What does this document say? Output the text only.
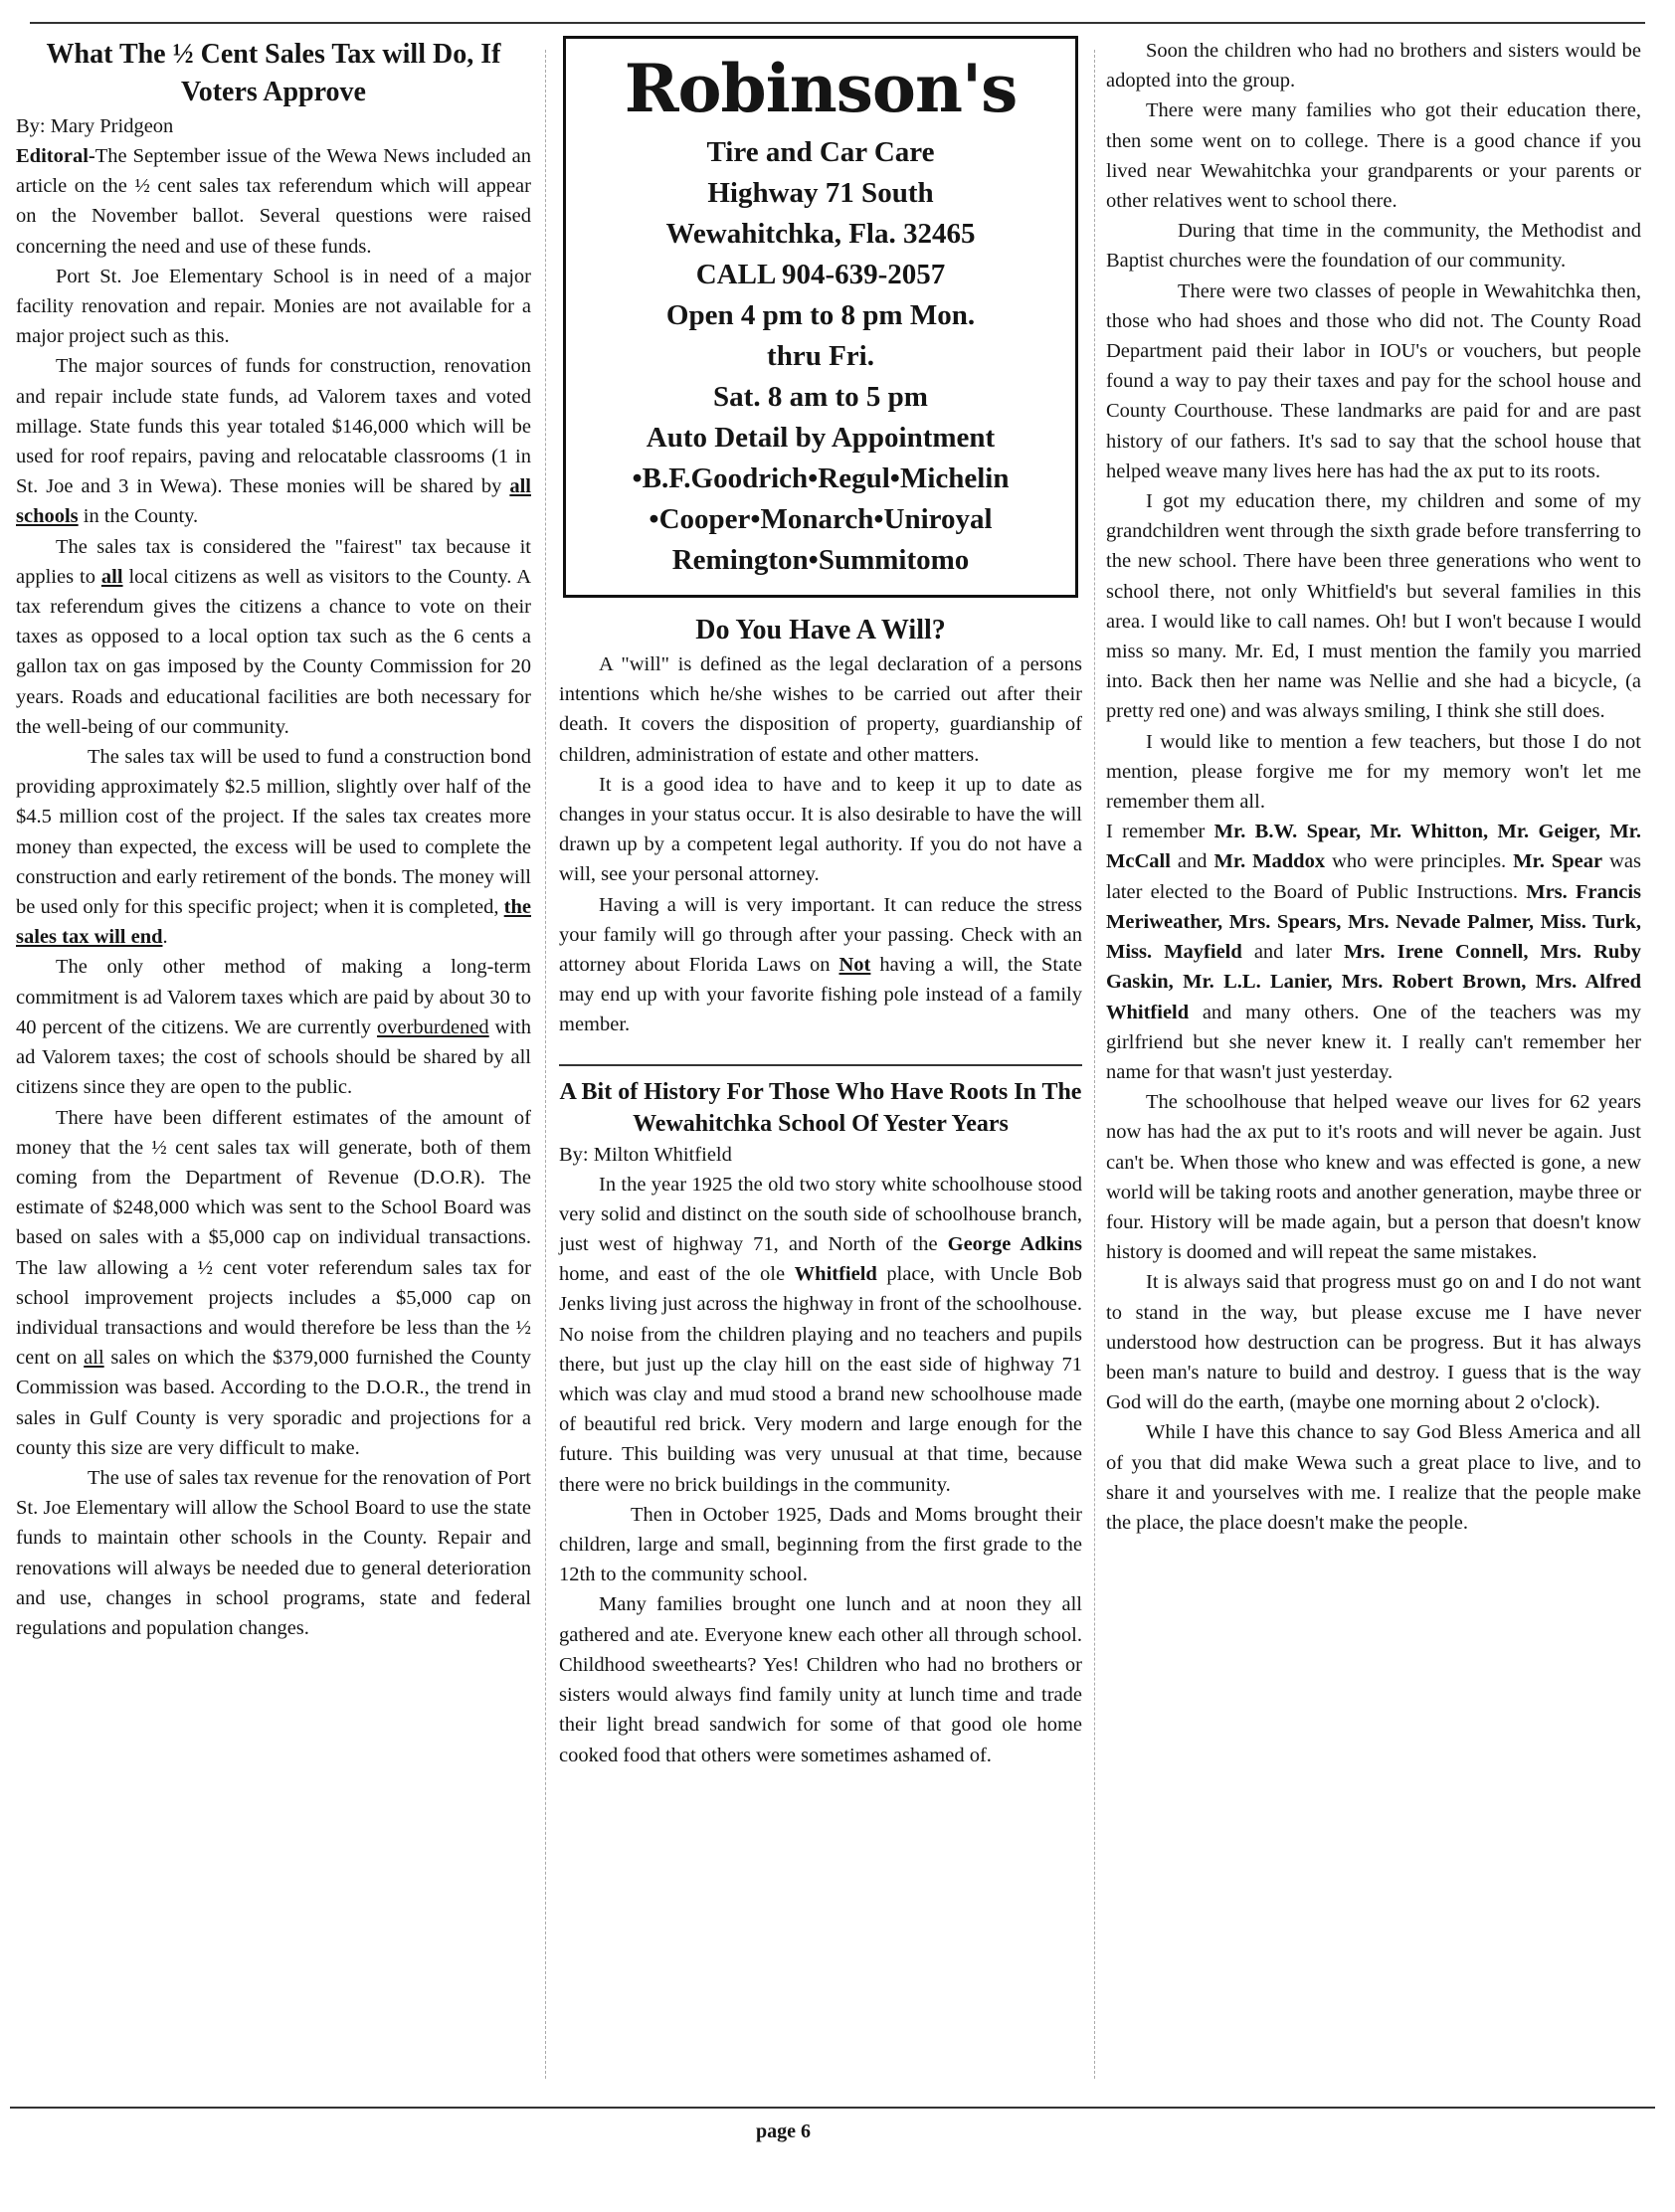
What The ½ Cent Sales Tax will Do, If Voters Approve
By: Mary Pridgeon

Editoral-The September issue of the Wewa News included an article on the ½ cent sales tax referendum which will appear on the November ballot. Several questions were raised concerning the need and use of these funds.

Port St. Joe Elementary School is in need of a major facility renovation and repair. Monies are not available for a major project such as this.

The major sources of funds for construction, renovation and repair include state funds, ad Valorem taxes and voted millage. State funds this year totaled $146,000 which will be used for roof repairs, paving and relocatable classrooms (1 in St. Joe and 3 in Wewa). These monies will be shared by all schools in the County.

The sales tax is considered the "fairest" tax because it applies to all local citizens as well as visitors to the County. A tax referendum gives the citizens a chance to vote on their taxes as opposed to a local option tax such as the 6 cents a gallon tax on gas imposed by the County Commission for 20 years. Roads and educational facilities are both necessary for the well-being of our community.

The sales tax will be used to fund a construction bond providing approximately $2.5 million, slightly over half of the $4.5 million cost of the project. If the sales tax creates more money than expected, the excess will be used to complete the construction and early retirement of the bonds. The money will be used only for this specific project; when it is completed, the sales tax will end.

The only other method of making a long-term commitment is ad Valorem taxes which are paid by about 30 to 40 percent of the citizens. We are currently overburdened with ad Valorem taxes; the cost of schools should be shared by all citizens since they are open to the public.

There have been different estimates of the amount of money that the ½ cent sales tax will generate, both of them coming from the Department of Revenue (D.O.R). The estimate of $248,000 which was sent to the School Board was based on sales with a $5,000 cap on individual transactions. The law allowing a ½ cent voter referendum sales tax for school improvement projects includes a $5,000 cap on individual transactions and would therefore be less than the ½ cent on all sales on which the $379,000 furnished the County Commission was based. According to the D.O.R., the trend in sales in Gulf County is very sporadic and projections for a county this size are very difficult to make.

The use of sales tax revenue for the renovation of Port St. Joe Elementary will allow the School Board to use the state funds to maintain other schools in the County. Repair and renovations will always be needed due to general deterioration and use, changes in school programs, state and federal regulations and population changes.

Robinson's
Tire and Car Care
Highway 71 South
Wewahitchka, Fla. 32465
CALL 904-639-2057
Open 4 pm to 8 pm Mon.
thru Fri.
Sat. 8 am to 5 pm
Auto Detail by Appointment
•B.F.Goodrich•Regul•Michelin
•Cooper•Monarch•Uniroyal
Remington•Summitomo
Do You Have A Will?

A "will" is defined as the legal declaration of a persons intentions which he/she wishes to be carried out after their death. It covers the disposition of property, guardianship of children, administration of estate and other matters.

It is a good idea to have and to keep it up to date as changes in your status occur. It is also desirable to have the will drawn up by a competent legal authority. If you do not have a will, see your personal attorney.

Having a will is very important. It can reduce the stress your family will go through after your passing. Check with an attorney about Florida Laws on Not having a will, the State may end up with your favorite fishing pole instead of a family member.

A Bit of History For Those Who Have Roots In The Wewahitchka School Of Yester Years
By: Milton Whitfield

In the year 1925 the old two story white schoolhouse stood very solid and distinct on the south side of schoolhouse branch, just west of highway 71, and North of the George Adkins home, and east of the ole Whitfield place, with Uncle Bob Jenks living just across the highway in front of the schoolhouse. No noise from the children playing and no teachers and pupils there, but just up the clay hill on the east side of highway 71 which was clay and mud stood a brand new schoolhouse made of beautiful red brick. Very modern and large enough for the future. This building was very unusual at that time, because there were no brick buildings in the community.

Then in October 1925, Dads and Moms brought their children, large and small, beginning from the first grade to the 12th to the community school.

Many families brought one lunch and at noon they all gathered and ate. Everyone knew each other all through school. Childhood sweethearts? Yes! Children who had no brothers or sisters would always find family unity at lunch time and trade their light bread sandwich for some of that good ole home cooked food that others were sometimes ashamed of.

Soon the children who had no brothers and sisters would be adopted into the group.

There were many families who got their education there, then some went on to college. There is a good chance if you lived near Wewahitchka your grandparents or your parents or other relatives went to school there.

During that time in the community, the Methodist and Baptist churches were the foundation of our community.

There were two classes of people in Wewahitchka then, those who had shoes and those who did not. The County Road Department paid their labor in IOU's or vouchers, but people found a way to pay their taxes and pay for the school house and County Courthouse. These landmarks are paid for and are past history of our fathers. It's sad to say that the school house that helped weave many lives here has had the ax put to its roots.

I got my education there, my children and some of my grandchildren went through the sixth grade before transferring to the new school. There have been three generations who went to school there, not only Whitfield's but several families in this area. I would like to call names. Oh! but I won't because I would miss so many. Mr. Ed, I must mention the family you married into. Back then her name was Nellie and she had a bicycle, (a pretty red one) and was always smiling, I think she still does.

I would like to mention a few teachers, but those I do not mention, please forgive me for my memory won't let me remember them all.

I remember Mr. B.W. Spear, Mr. Whitton, Mr. Geiger, Mr. McCall and Mr. Maddox who were principles. Mr. Spear was later elected to the Board of Public Instructions. Mrs. Francis Meriweather, Mrs. Spears, Mrs. Nevade Palmer, Miss. Turk, Miss. Mayfield and later Mrs. Irene Connell, Mrs. Ruby Gaskin, Mr. L.L. Lanier, Mrs. Robert Brown, Mrs. Alfred Whitfield and many others. One of the teachers was my girlfriend but she never knew it. I really can't remember her name for that wasn't just yesterday.

The schoolhouse that helped weave our lives for 62 years now has had the ax put to it's roots and will never be again. Just can't be. When those who knew and was effected is gone, a new world will be taking roots and another generation, maybe three or four. History will be made again, but a person that doesn't know history is doomed and will repeat the same mistakes.

It is always said that progress must go on and I do not want to stand in the way, but please excuse me I have never understood how destruction can be progress. But it has always been man's nature to build and destroy. I guess that is the way God will do the earth, (maybe one morning about 2 o'clock).

While I have this chance to say God Bless America and all of you that did make Wewa such a great place to live, and to share it and yourselves with me. I realize that the people make the place, the place doesn't make the people.

page 6
